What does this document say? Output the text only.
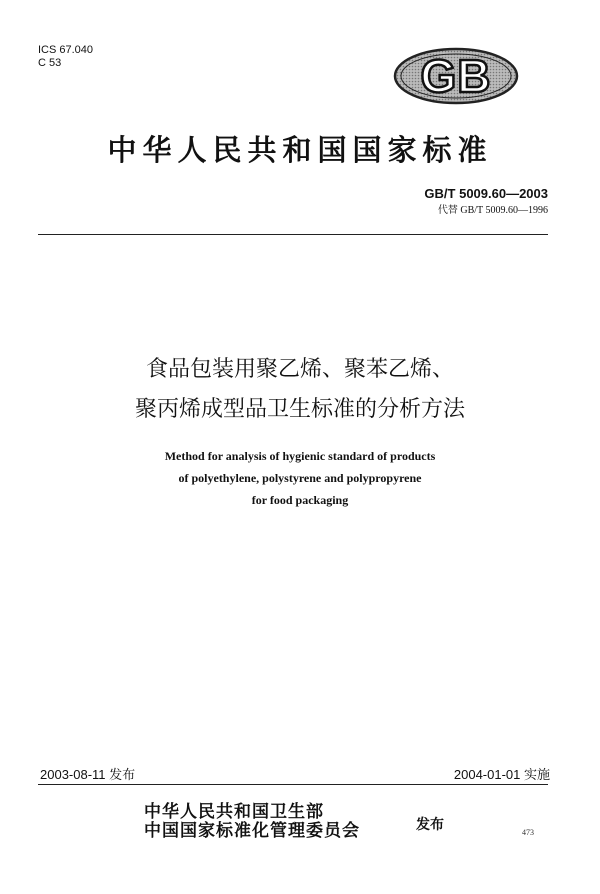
ICS 67.040
C 53	GB
中华人民共和国国家标准
GB/T 5009.60—2003
代替 GB/T 5009.60—1996
食品包装用聚乙烯、聚苯乙烯、
聚丙烯成型品卫生标准的分析方法
Method for analysis of hygienic standard of products
of polyethylene, polystyrene and polypropyrene
for food packaging
2003-08-11 发布	2004-01-01 实施
中华人民共和国卫生部
中国国家标准化管理委员会	发布	473
